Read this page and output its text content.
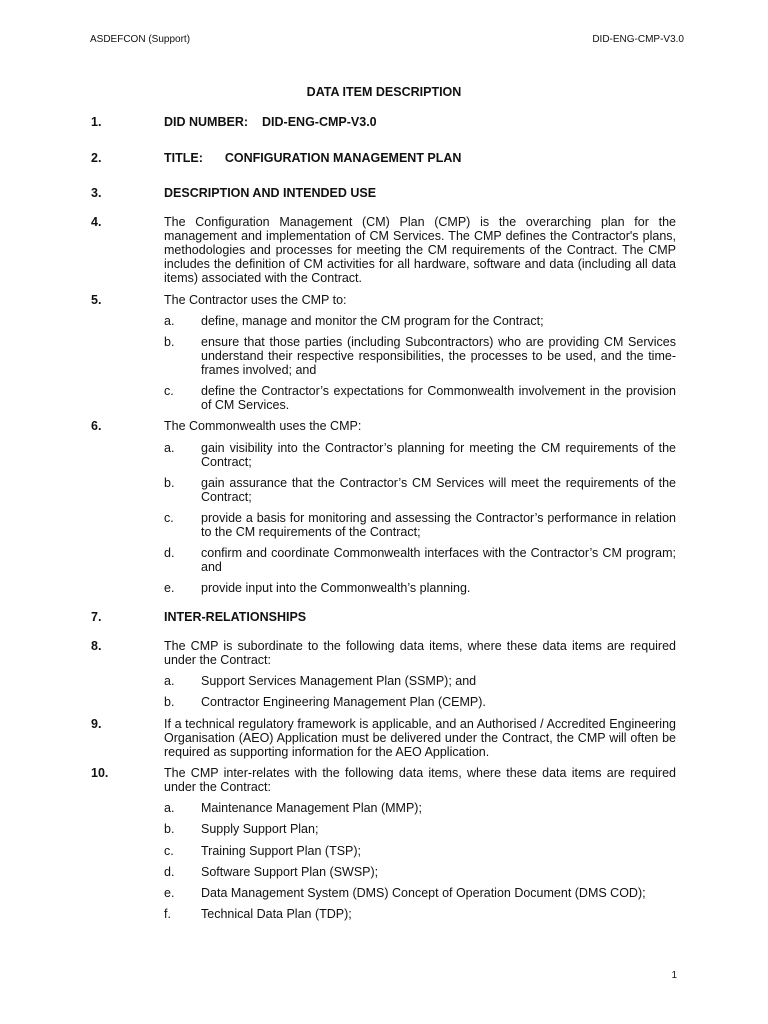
ASDEFCON (Support)	DID-ENG-CMP-V3.0
DATA ITEM DESCRIPTION
1.	DID NUMBER: DID-ENG-CMP-V3.0
2.	TITLE: CONFIGURATION MANAGEMENT PLAN
3.	DESCRIPTION AND INTENDED USE
4.	The Configuration Management (CM) Plan (CMP) is the overarching plan for the management and implementation of CM Services. The CMP defines the Contractor's plans, methodologies and processes for meeting the CM requirements of the Contract. The CMP includes the definition of CM activities for all hardware, software and data (including all data items) associated with the Contract.
5.	The Contractor uses the CMP to:
a. define, manage and monitor the CM program for the Contract;
b. ensure that those parties (including Subcontractors) who are providing CM Services understand their respective responsibilities, the processes to be used, and the time-frames involved; and
c. define the Contractor’s expectations for Commonwealth involvement in the provision of CM Services.
6.	The Commonwealth uses the CMP:
a. gain visibility into the Contractor’s planning for meeting the CM requirements of the Contract;
b. gain assurance that the Contractor’s CM Services will meet the requirements of the Contract;
c. provide a basis for monitoring and assessing the Contractor’s performance in relation to the CM requirements of the Contract;
d. confirm and coordinate Commonwealth interfaces with the Contractor’s CM program; and
e. provide input into the Commonwealth’s planning.
7.	INTER-RELATIONSHIPS
8.	The CMP is subordinate to the following data items, where these data items are required under the Contract:
a. Support Services Management Plan (SSMP); and
b. Contractor Engineering Management Plan (CEMP).
9.	If a technical regulatory framework is applicable, and an Authorised / Accredited Engineering Organisation (AEO) Application must be delivered under the Contract, the CMP will often be required as supporting information for the AEO Application.
10.	The CMP inter-relates with the following data items, where these data items are required under the Contract:
a. Maintenance Management Plan (MMP);
b. Supply Support Plan;
c. Training Support Plan (TSP);
d. Software Support Plan (SWSP);
e. Data Management System (DMS) Concept of Operation Document (DMS COD);
f. Technical Data Plan (TDP);
1
